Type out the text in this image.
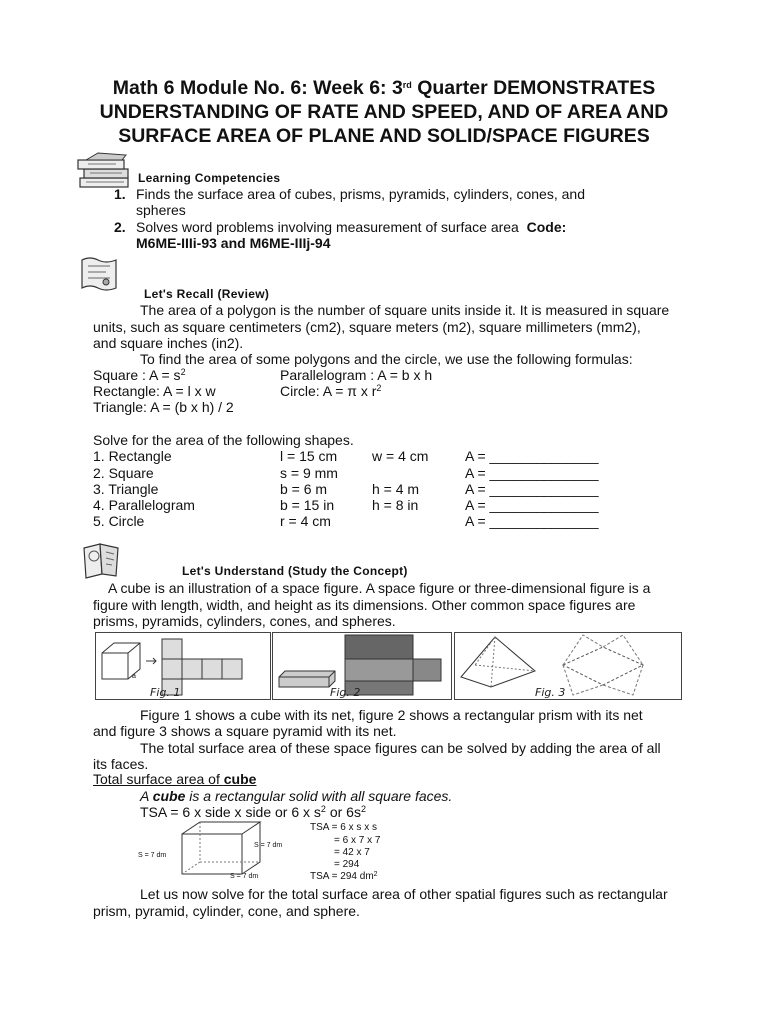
Math 6 Module No. 6: Week 6: 3rd Quarter DEMONSTRATES
UNDERSTANDING OF RATE AND SPEED, AND OF AREA AND
SURFACE AREA OF PLANE AND SOLID/SPACE FIGURES
Learning Competencies
1. Finds the surface area of cubes, prisms, pyramids, cylinders, cones, and
spheres
2. Solves word problems involving measurement of surface area Code:
M6ME-IIIi-93 and M6ME-IIIj-94
Let's Recall (Review)
The area of a polygon is the number of square units inside it. It is measured in square
units, such as square centimeters (cm2), square meters (m2), square millimeters (mm2),
and square inches (in2).
To find the area of some polygons and the circle, we use the following formulas:
Square : $A = s^2$	Parallelogram : A = b x h
Rectangle: A = l x w	Circle: A = π x $r^2$
Triangle: A = (b x h) / 2
Solve for the area of the following shapes.
1. Rectangle	l = 15 cm w = 4 cm	A = ______________
2. Square	s = 9 mm	A = ______________
3. Triangle	b = 6 m	h = 4 m	A = ______________
4. Parallelogram	b = 15 in	h = 8 in	A = ______________
5. Circle	r = 4 cm	A = ______________
Let's Understand (Study the Concept)
A cube is an illustration of a space figure. A space figure or three-dimensional figure is a
figure with length, width, and height as its dimensions. Other common space figures are
prisms, pyramids, cylinders, cones, and spheres.
a
Fig. 1	Fig. 2	Fig. 3
Figure 1 shows a cube with its net, figure 2 shows a rectangular prism with its net
and figure 3 shows a square pyramid with its net.
The total surface area of these space figures can be solved by adding the area of all
its faces.
Total surface area of cube
A cube is a rectangular solid with all square faces.
TSA = 6 x side x side or 6 x $s^2$ or $6s^2$
S = 7 dm
S = 7 dm
S = 7 dm
TSA = 6 x s x s
= 6 x 7 x 7
= 42 x 7
= 294
TSA = 294 $dm^2$
Let us now solve for the total surface area of other spatial figures such as rectangular
prism, pyramid, cylinder, cone, and sphere.
